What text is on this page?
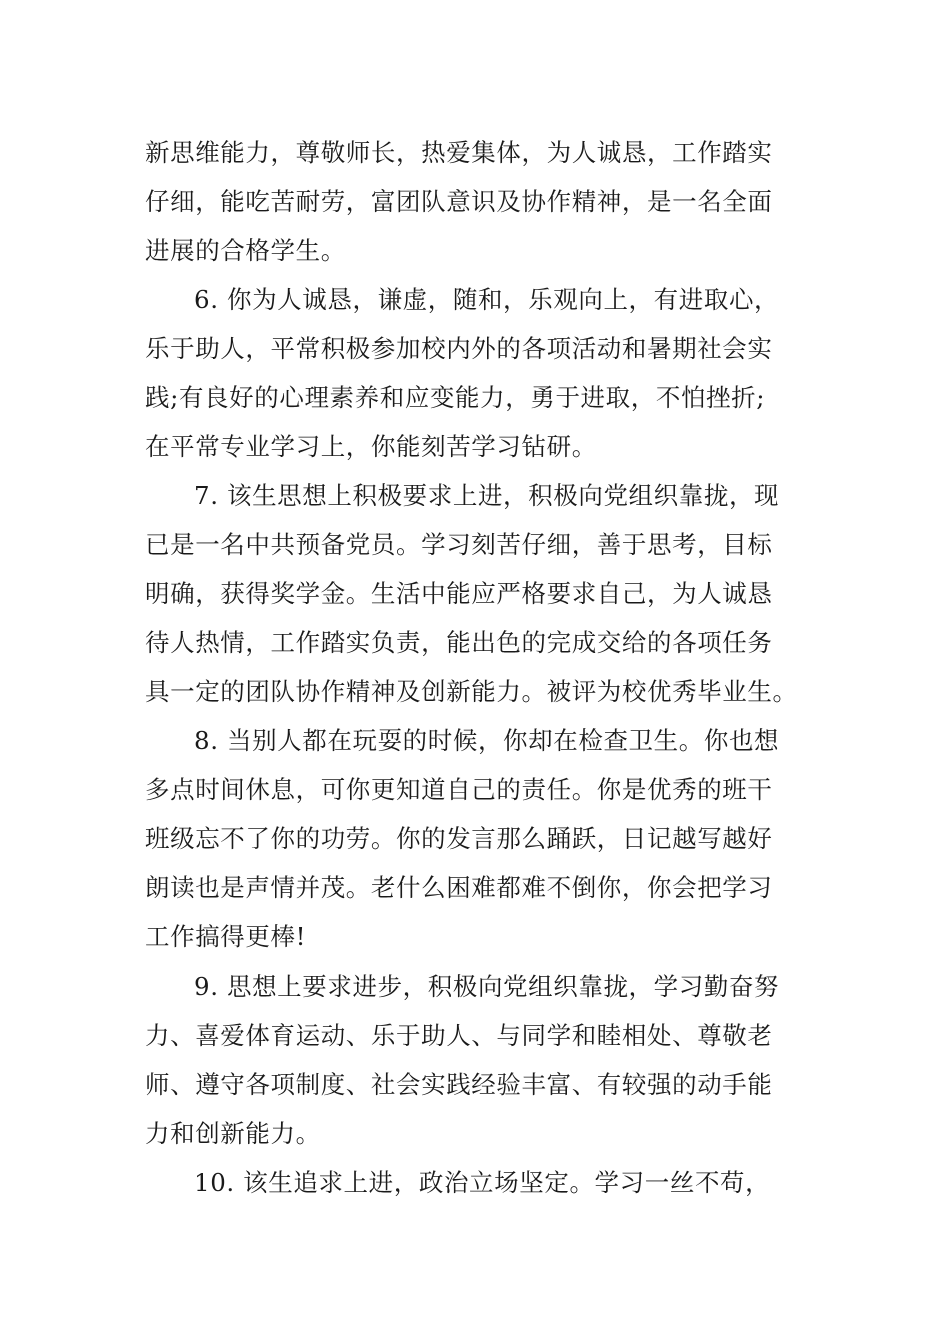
新思维能力，尊敬师长，热爱集体，为人诚恳，工作踏实
仔细，能吃苦耐劳，富团队意识及协作精神，是一名全面
进展的合格学生。

6. 你为人诚恳，谦虚，随和，乐观向上，有进取心，
乐于助人，平常积极参加校内外的各项活动和暑期社会实
践;有良好的心理素养和应变能力，勇于进取，不怕挫折;
在平常专业学习上，你能刻苦学习钻研。

7. 该生思想上积极要求上进，积极向党组织靠拢，现
已是一名中共预备党员。学习刻苦仔细，善于思考，目标
明确，获得奖学金。生活中能应严格要求自己，为人诚恳
待人热情，工作踏实负责，能出色的完成交给的各项任务
具一定的团队协作精神及创新能力。被评为校优秀毕业生。

8. 当别人都在玩耍的时候，你却在检查卫生。你也想
多点时间休息，可你更知道自己的责任。你是优秀的班干
班级忘不了你的功劳。你的发言那么踊跃，日记越写越好
朗读也是声情并茂。老什么困难都难不倒你，你会把学习
工作搞得更棒!

9. 思想上要求进步，积极向党组织靠拢，学习勤奋努
力、喜爱体育运动、乐于助人、与同学和睦相处、尊敬老
师、遵守各项制度、社会实践经验丰富、有较强的动手能
力和创新能力。

10. 该生追求上进，政治立场坚定。学习一丝不苟，
